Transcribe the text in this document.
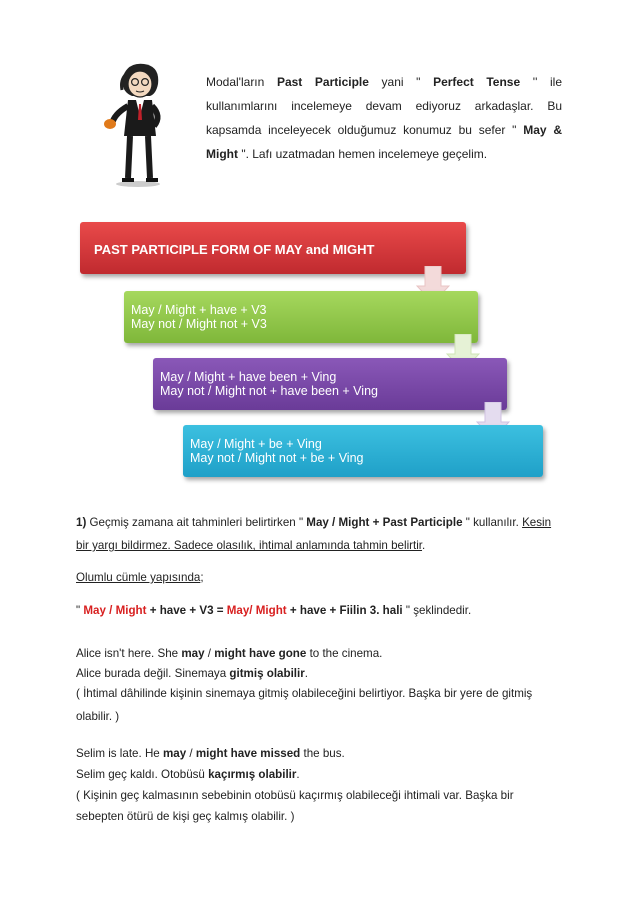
Modal'ların Past Participle yani " Perfect Tense '' ile kullanımlarını incelemeye devam ediyoruz arkadaşlar. Bu kapsamda inceleyecek olduğumuz konumuz bu sefer " May & Might ". Lafı uzatmadan hemen incelemeye geçelim.
PAST PARTICIPLE FORM OF MAY and MIGHT
May / Might + have + V3
May not / Might not + V3
May / Might + have been + Ving
May not / Might not + have been + Ving
May / Might + be + Ving
May not / Might not + be + Ving
1) Geçmiş zamana ait tahminleri belirtirken " May / Might + Past Participle " kullanılır. Kesin
bir yargı bildirmez. Sadece olasılık, ihtimal anlamında tahmin belirtir.
Olumlu cümle yapısında;
" May / Might + have + V3 = May/ Might + have + Fiilin 3. hali " şeklindedir.
Alice isn't here. She may / might have gone to the cinema.
Alice burada değil. Sinemaya gitmiş olabilir.
( İhtimal dâhilinde kişinin sinemaya gitmiş olabileceğini belirtiyor. Başka bir yere de gitmiş
olabilir. )
Selim is late. He may / might have missed the bus.
Selim geç kaldı. Otobüsü kaçırmış olabilir.
( Kişinin geç kalmasının sebebinin otobüsü kaçırmış olabileceği ihtimali var. Başka bir
sebepten ötürü de kişi geç kalmış olabilir. )
